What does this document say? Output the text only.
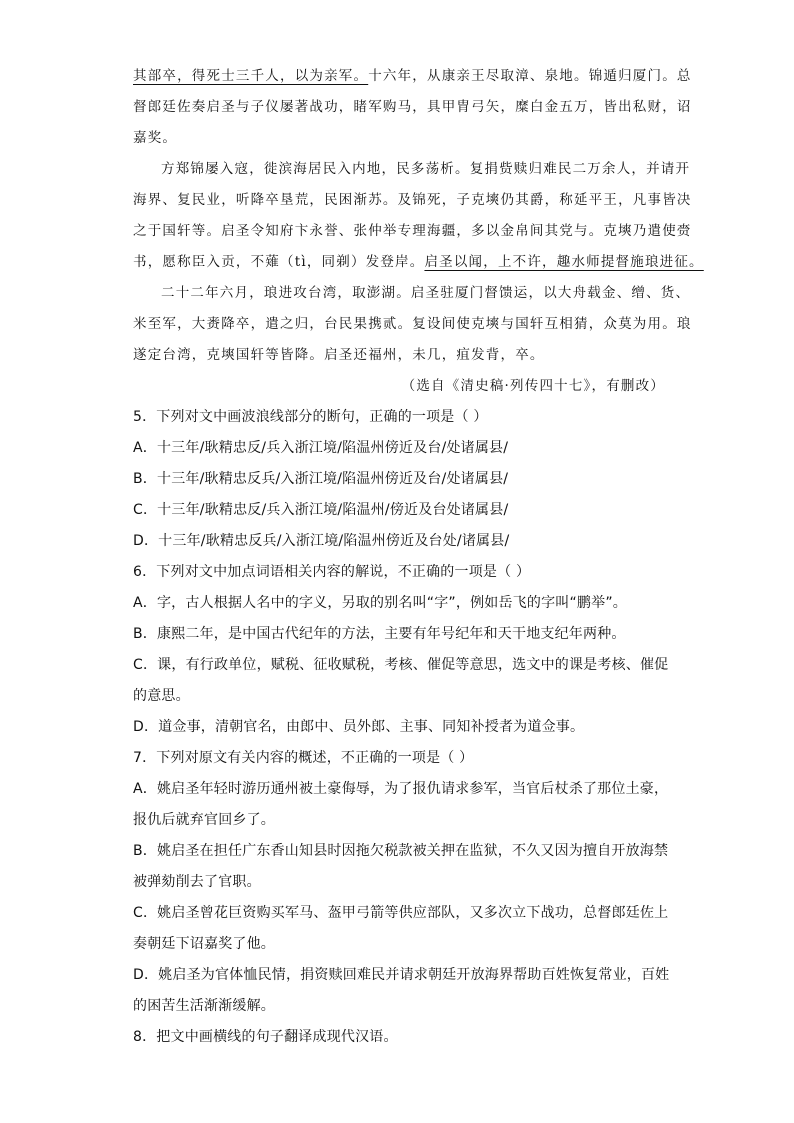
其部卒，得死士三千人，以为亲军。十六年，从康亲王尽取漳、泉地。锦遁归厦门。总
督郎廷佐奏启圣与子仪屡著战功，睹军购马，具甲胄弓矢，糜白金五万，皆出私财，诏
嘉奖。
方郑锦屡入寇，徙滨海居民入内地，民多荡析。复捐赀赎归难民二万余人，并请开
海界、复民业，听降卒垦荒，民困渐苏。及锦死，子克塽仍其爵，称延平王，凡事皆决
之于国轩等。启圣令知府卞永誉、张仲举专理海疆，多以金帛间其党与。克塽乃遣使赍
书，愿称臣入贡，不薙（tì，同剃）发登岸。启圣以闻，上不许，趣水师提督施琅进征。
二十二年六月，琅进攻台湾，取澎湖。启圣驻厦门督馈运，以大舟载金、缯、货、
米至军，大赉降卒，遣之归，台民果携贰。复设间使克塽与国轩互相猜，众莫为用。琅
遂定台湾，克塽国轩等皆降。启圣还福州，未几，疽发背，卒。
（选自《清史稿·列传四十七》，有删改）
5．下列对文中画波浪线部分的断句，正确的一项是（ ）
A．十三年/耿精忠反/兵入浙江境/陷温州傍近及台/处诸属县/
B．十三年/耿精忠反兵/入浙江境/陷温州傍近及台/处诸属县/
C．十三年/耿精忠反/兵入浙江境/陷温州/傍近及台处诸属县/
D．十三年/耿精忠反兵/入浙江境/陷温州傍近及台处/诸属县/
6．下列对文中加点词语相关内容的解说，不正确的一项是（ ）
A．字，古人根据人名中的字义，另取的别名叫“字”，例如岳飞的字叫“鹏举”。
B．康熙二年，是中国古代纪年的方法，主要有年号纪年和天干地支纪年两种。
C．课，有行政单位，赋税、征收赋税，考核、催促等意思，选文中的课是考核、催促
的意思。
D．道佥事，清朝官名，由郎中、员外郎、主事、同知补授者为道佥事。
7．下列对原文有关内容的概述，不正确的一项是（ ）
A．姚启圣年轻时游历通州被土豪侮辱，为了报仇请求参军，当官后杖杀了那位土豪，
报仇后就弃官回乡了。
B．姚启圣在担任广东香山知县时因拖欠税款被关押在监狱，不久又因为擅自开放海禁
被弹劾削去了官职。
C．姚启圣曾花巨资购买军马、盔甲弓箭等供应部队，又多次立下战功，总督郎廷佐上
奏朝廷下诏嘉奖了他。
D．姚启圣为官体恤民情，捐资赎回难民并请求朝廷开放海界帮助百姓恢复常业，百姓
的困苦生活渐渐缓解。
8．把文中画横线的句子翻译成现代汉语。
